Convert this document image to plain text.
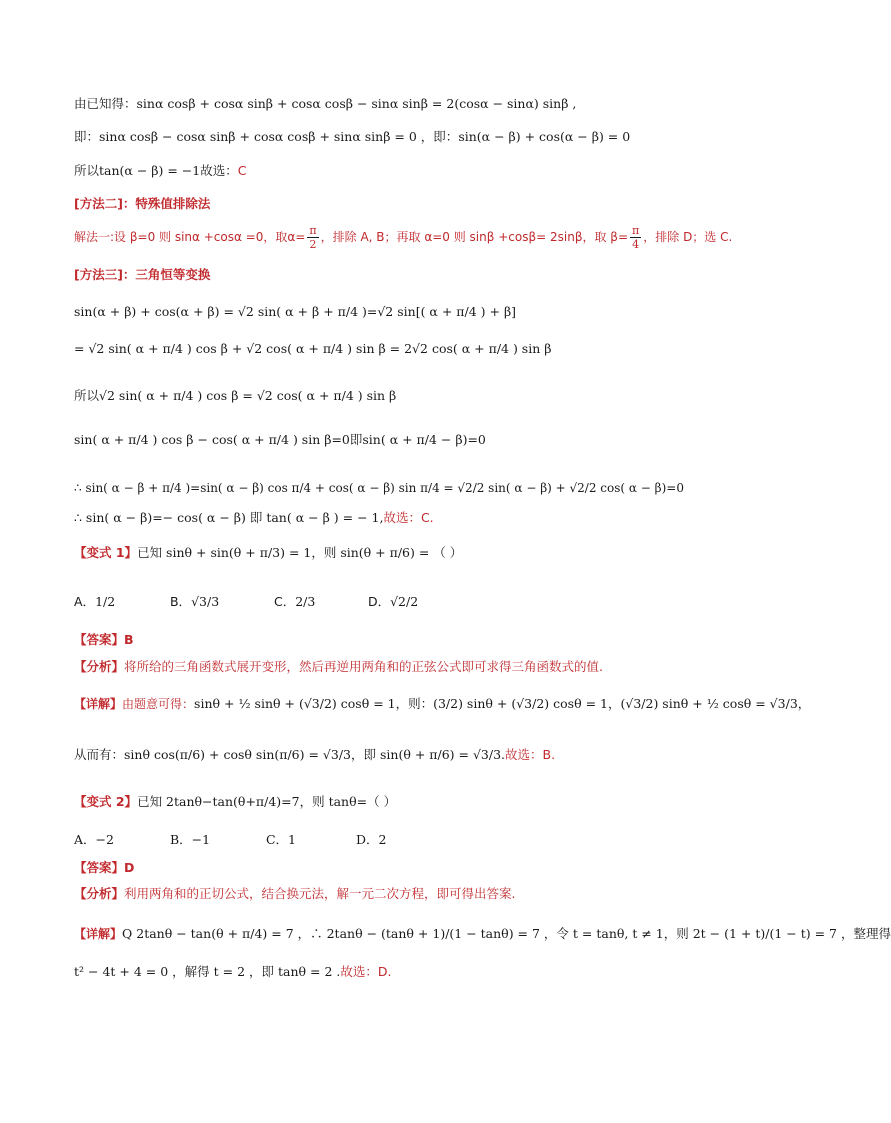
由已知得：sinα cosβ + cosα sinβ + cosα cosβ − sinα sinβ = 2(cosα − sinα) sinβ ,
即：sinα cosβ − cosα sinβ + cosα cosβ + sinα sinβ = 0 ，即：sin(α − β) + cos(α − β) = 0
所以tan(α − β) = −1故选：C
[方法二]：特殊值排除法
解法一:设 β=0 则 sinα +cosα =0，取$\alpha= \frac{\pi}{2}$ ，排除 A, B；再取 α=0 则 sinβ +cosβ= 2sinβ，取 $\beta= \frac{\pi}{4}$ ，排除 D；选 C.
[方法三]：三角恒等变换
sin(α + β) + cos(α + β) = √2 sin( α + β + π/4 )=√2 sin[( α + π/4 ) + β]
= √2 sin( α + π/4 ) cos β + √2 cos( α + π/4 ) sin β = 2√2 cos( α + π/4 ) sin β
所以√2 sin( α + π/4 ) cos β = √2 cos( α + π/4 ) sin β
sin( α + π/4 ) cos β − cos( α + π/4 ) sin β=0即sin( α + π/4 − β)=0
∴ sin( α − β + π/4 )=sin( α − β) cos π/4 + cos( α − β) sin π/4 = √2/2 sin( α − β) + √2/2 cos( α − β)=0
∴ sin( α − β)=− cos( α − β) 即 tan( α − β ) = − 1,故选：C.
【变式 1】已知 sinθ + sin(θ + π/3) = 1，则 sin(θ + π/6) = （ ）
A．1/2	B．√3/3	C．2/3	D．√2/2
【答案】B
【分析】将所给的三角函数式展开变形，然后再逆用两角和的正弦公式即可求得三角函数式的值.
【详解】由题意可得：sinθ + ½ sinθ + (√3/2) cosθ = 1，则：(3/2) sinθ + (√3/2) cosθ = 1，(√3/2) sinθ + ½ cosθ = √3/3，
从而有：sinθ cos(π/6) + cosθ sin(π/6) = √3/3，即 sin(θ + π/6) = √3/3.故选：B.
【变式 2】已知 2tanθ−tan(θ+π/4)=7，则 tanθ=（ ）
A．−2	B．−1	C．1	D．2
【答案】D
【分析】利用两角和的正切公式，结合换元法，解一元二次方程，即可得出答案.
【详解】Q 2tanθ − tan(θ + π/4) = 7 ，∴ 2tanθ − (tanθ + 1)/(1 − tanθ) = 7 ，令 t = tanθ, t ≠ 1，则 2t − (1 + t)/(1 − t) = 7 ，整理得
t² − 4t + 4 = 0 ，解得 t = 2 ，即 tanθ = 2 .故选：D.
